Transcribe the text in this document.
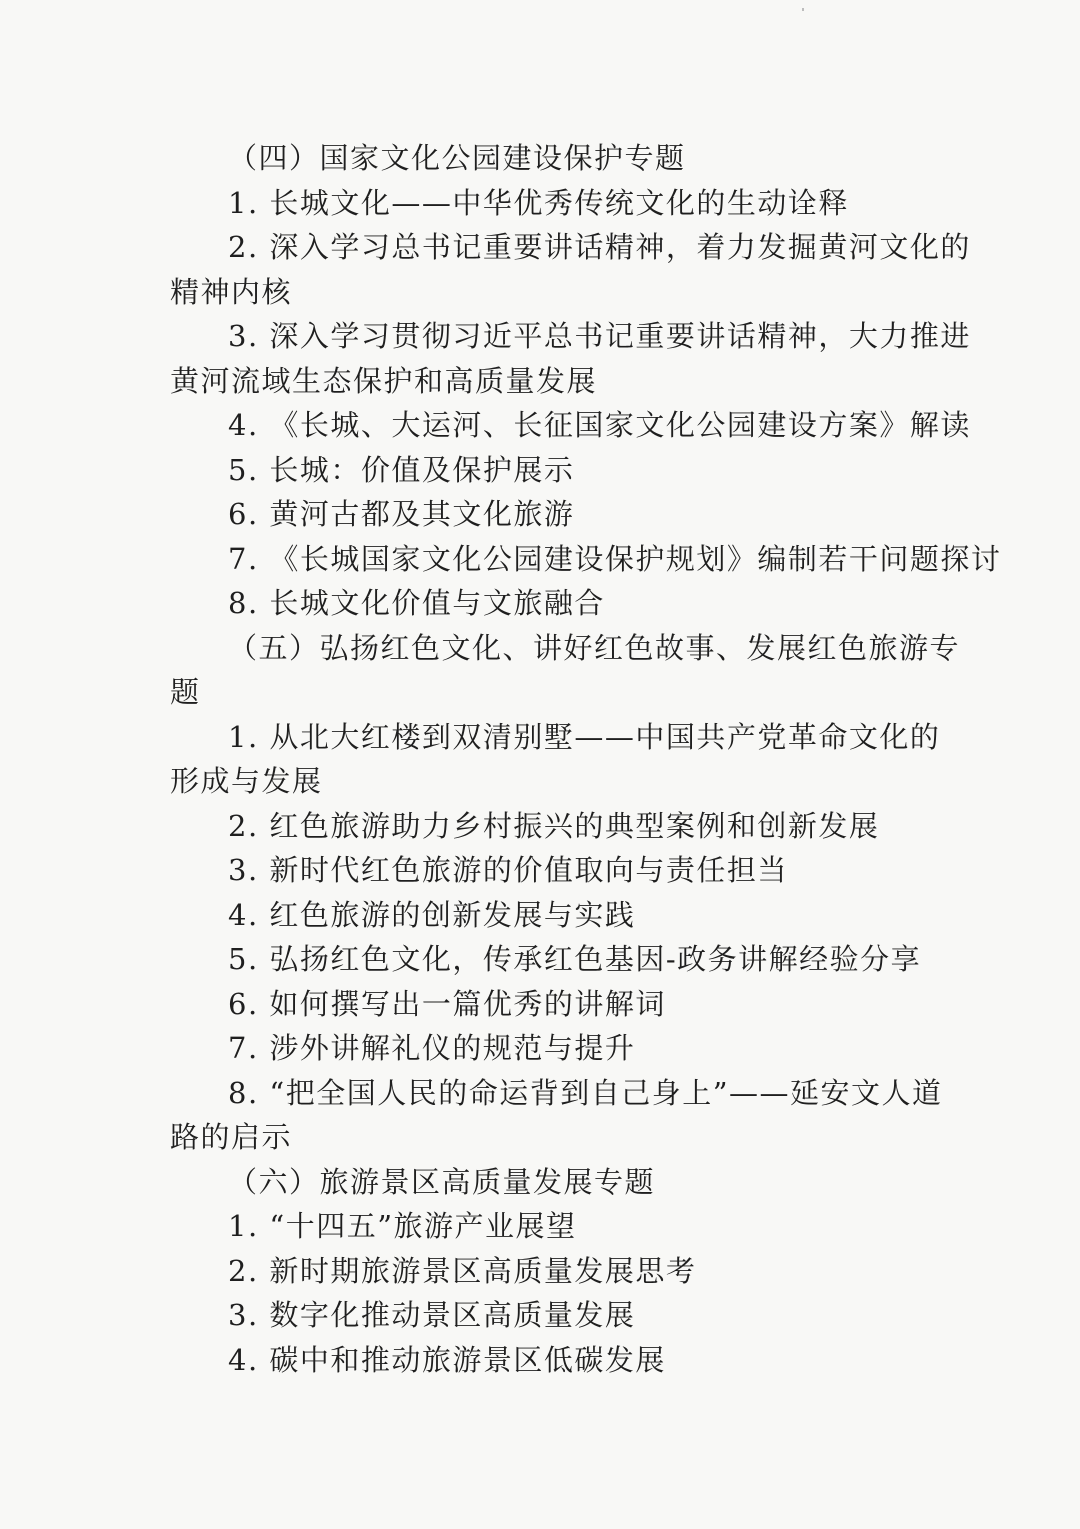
（四）国家文化公园建设保护专题
1. 长城文化——中华优秀传统文化的生动诠释
2. 深入学习总书记重要讲话精神，着力发掘黄河文化的
精神内核
3. 深入学习贯彻习近平总书记重要讲话精神，大力推进
黄河流域生态保护和高质量发展
4. 《长城、大运河、长征国家文化公园建设方案》解读
5. 长城：价值及保护展示
6. 黄河古都及其文化旅游
7. 《长城国家文化公园建设保护规划》编制若干问题探讨
8. 长城文化价值与文旅融合
（五）弘扬红色文化、讲好红色故事、发展红色旅游专
题
1. 从北大红楼到双清别墅——中国共产党革命文化的
形成与发展
2. 红色旅游助力乡村振兴的典型案例和创新发展
3. 新时代红色旅游的价值取向与责任担当
4. 红色旅游的创新发展与实践
5. 弘扬红色文化，传承红色基因-政务讲解经验分享
6. 如何撰写出一篇优秀的讲解词
7. 涉外讲解礼仪的规范与提升
8. “把全国人民的命运背到自己身上”——延安文人道
路的启示
（六）旅游景区高质量发展专题
1. “十四五”旅游产业展望
2. 新时期旅游景区高质量发展思考
3. 数字化推动景区高质量发展
4. 碳中和推动旅游景区低碳发展
